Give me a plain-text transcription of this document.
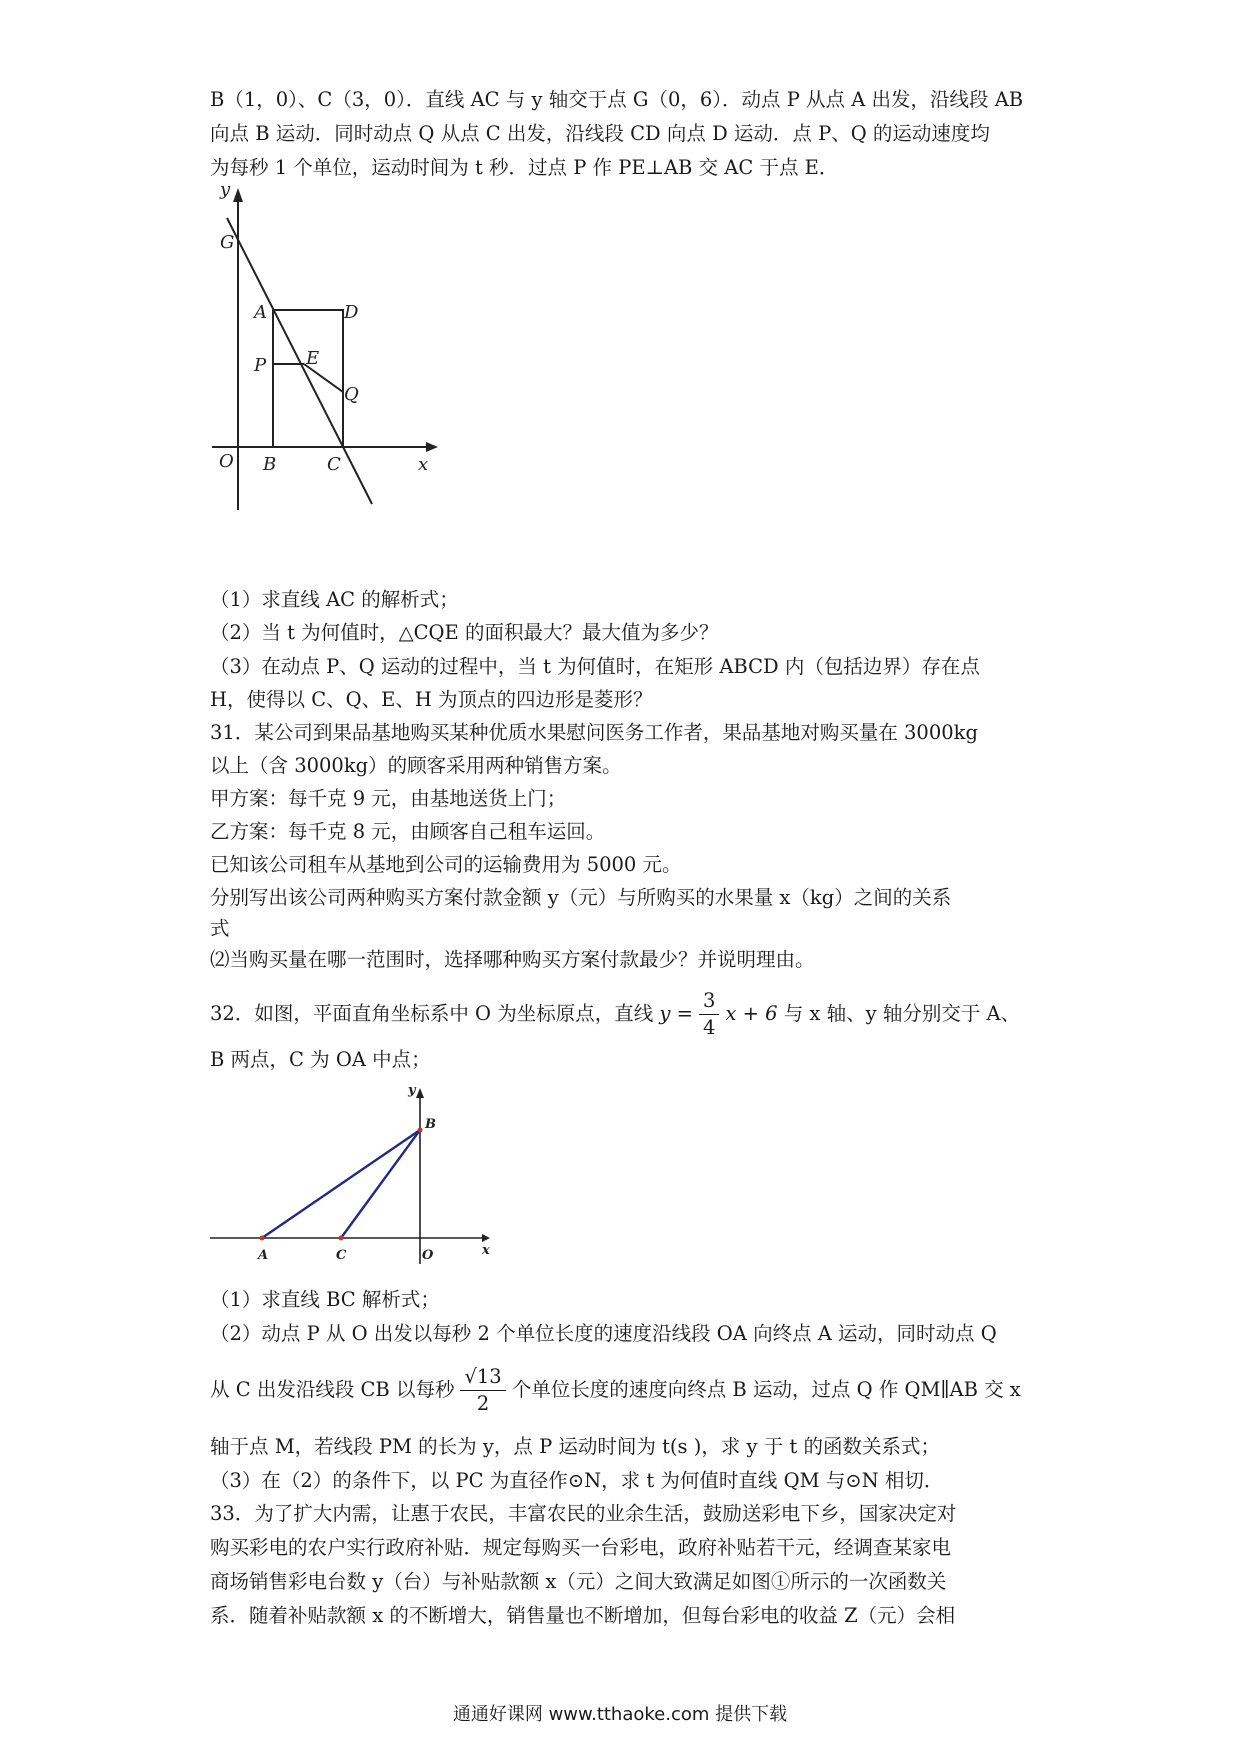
B（1，0）、C（3，0）．直线 AC 与 y 轴交于点 G（0，6）．动点 P 从点 A 出发，沿线段 AB
向点 B 运动．同时动点 Q 从点 C 出发，沿线段 CD 向点 D 运动．点 P、Q 的运动速度均
为每秒 1 个单位，运动时间为 t 秒．过点 P 作 PE⊥AB 交 AC 于点 E．
y
x
G
A	D
P E
Q
O B	C
（1）求直线 AC 的解析式；
（2）当 t 为何值时，△CQE 的面积最大？最大值为多少？
（3）在动点 P、Q 运动的过程中，当 t 为何值时，在矩形 ABCD 内（包括边界）存在点
H，使得以 C、Q、E、H 为顶点的四边形是菱形？
31．某公司到果品基地购买某种优质水果慰问医务工作者，果品基地对购买量在 3000kg
以上（含 3000kg）的顾客采用两种销售方案。
甲方案：每千克 9 元，由基地送货上门；
乙方案：每千克 8 元，由顾客自己租车运回。
已知该公司租车从基地到公司的运输费用为 5000 元。
分别写出该公司两种购买方案付款金额 y（元）与所购买的水果量 x（kg）之间的关系
式
⑵当购买量在哪一范围时，选择哪种购买方案付款最少？并说明理由。
32．如图，平面直角坐标系中 O 为坐标原点，直线 $y = \frac{3}{4}$ x + 6 与 x 轴、y 轴分别交于 A、
B 两点，C 为 OA 中点；
y
x
B
A	C	O
（1）求直线 BC 解析式；
（2）动点 P 从 O 出发以每秒 2 个单位长度的速度沿线段 OA 向终点 A 运动，同时动点 Q
从 C 出发沿线段 CB 以每秒 $\frac{√13}{2}$ 个单位长度的速度向终点 B 运动，过点 Q 作 QM∥AB 交 x
轴于点 M，若线段 PM 的长为 y，点 P 运动时间为 t(s )，求 y 于 t 的函数关系式；
（3）在（2）的条件下，以 PC 为直径作⊙N，求 t 为何值时直线 QM 与⊙N 相切．
33．为了扩大内需，让惠于农民，丰富农民的业余生活，鼓励送彩电下乡，国家决定对
购买彩电的农户实行政府补贴．规定每购买一台彩电，政府补贴若干元，经调查某家电
商场销售彩电台数 y（台）与补贴款额 x（元）之间大致满足如图①所示的一次函数关
系．随着补贴款额 x 的不断增大，销售量也不断增加，但每台彩电的收益 Z（元）会相
通通好课网 www.tthaoke.com 提供下载
